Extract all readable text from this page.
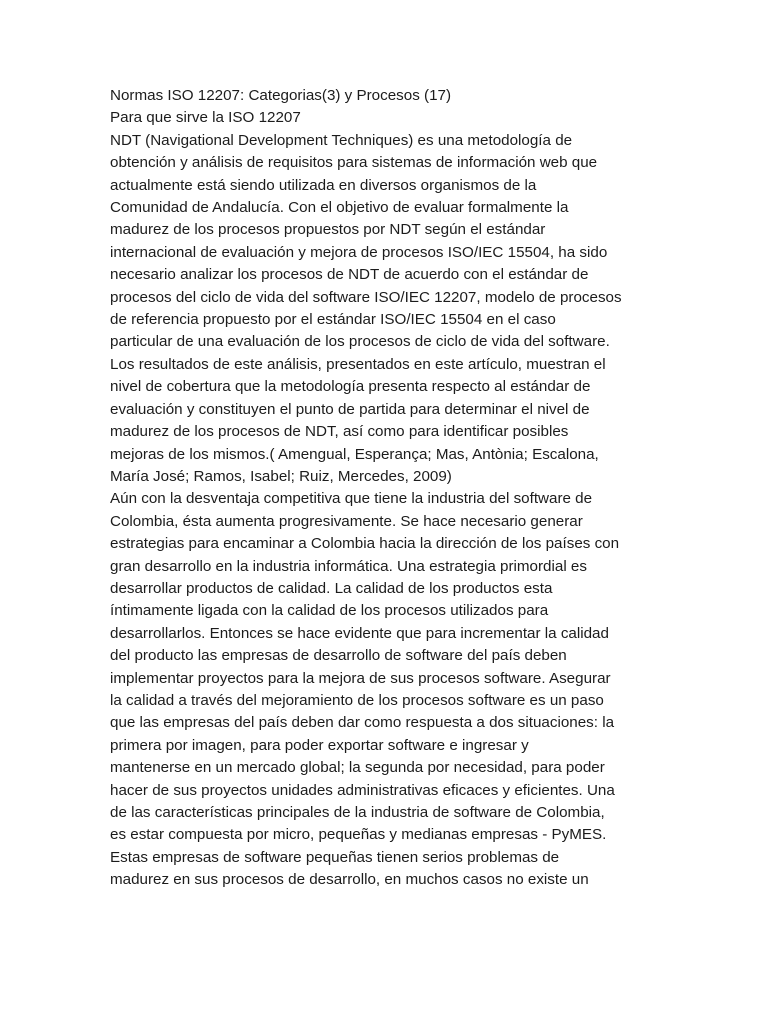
Normas ISO 12207: Categorias(3) y Procesos (17)

Para que sirve la ISO 12207

NDT (Navigational Development Techniques) es una metodología de
obtención y análisis de requisitos para sistemas de información web que
actualmente está siendo utilizada en diversos organismos de la
Comunidad de Andalucía. Con el objetivo de evaluar formalmente la
madurez de los procesos propuestos por NDT según el estándar
internacional de evaluación y mejora de procesos ISO/IEC 15504, ha sido
necesario analizar los procesos de NDT de acuerdo con el estándar de
procesos del ciclo de vida del software ISO/IEC 12207, modelo de procesos
de referencia propuesto por el estándar ISO/IEC 15504 en el caso
particular de una evaluación de los procesos de ciclo de vida del software.
Los resultados de este análisis, presentados en este artículo, muestran el
nivel de cobertura que la metodología presenta respecto al estándar de
evaluación y constituyen el punto de partida para determinar el nivel de
madurez de los procesos de NDT, así como para identificar posibles
mejoras de los mismos.( Amengual, Esperança; Mas, Antònia; Escalona,
María José; Ramos, Isabel; Ruiz, Mercedes, 2009)

Aún con la desventaja competitiva que tiene la industria del software de
Colombia, ésta aumenta progresivamente. Se hace necesario generar
estrategias para encaminar a Colombia hacia la dirección de los países con
gran desarrollo en la industria informática. Una estrategia primordial es
desarrollar productos de calidad. La calidad de los productos esta
íntimamente ligada con la calidad de los procesos utilizados para
desarrollarlos. Entonces se hace evidente que para incrementar la calidad
del producto las empresas de desarrollo de software del país deben
implementar proyectos para la mejora de sus procesos software. Asegurar
la calidad a través del mejoramiento de los procesos software es un paso
que las empresas del país deben dar como respuesta a dos situaciones: la
primera por imagen, para poder exportar software e ingresar y
mantenerse en un mercado global; la segunda por necesidad, para poder
hacer de sus proyectos unidades administrativas eficaces y eficientes. Una
de las características principales de la industria de software de Colombia,
es estar compuesta por micro, pequeñas y medianas empresas - PyMES.
Estas empresas de software pequeñas tienen serios problemas de
madurez en sus procesos de desarrollo, en muchos casos no existe un
